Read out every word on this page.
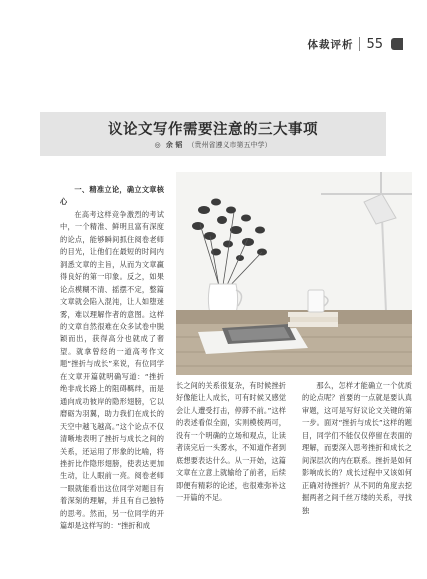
体裁评析 55
议论文写作需要注意的三大事项
◎ 余 韬 （贵州省遵义市第五中学）
一、精准立论，确立文章核心

在高考这样竞争激烈的考试中，一个精准、鲜明且富有深度的论点，能够瞬间抓住阅卷老师的目光，让他们在最短的时间内洞悉文章的主旨，从而为文章赢得良好的第一印象。反之，如果论点模糊不清、摇摆不定，整篇文章就会陷入混沌，让人如堕迷雾，难以理解作者的意图。这样的文章自然很难在众多试卷中脱颖而出，获得高分也就成了奢望。就拿曾经的一道高考作文题“挫折与成长”来说，有位同学在文章开篇就明确写道：“挫折绝非成长路上的阻碍羁绊，而是通向成功彼岸的隐形翅膀，它以磨砺为羽翼，助力我们在成长的天空中越飞越高。”这个论点不仅清晰地表明了挫折与成长之间的关系，还运用了形象的比喻，将挫折比作隐形翅膀，使表达更加生动，让人眼前一亮。阅卷老师一眼就能看出这位同学对题目有着深刻的理解，并且有自己独特的思考。然而，另一位同学的开篇却是这样写的：“挫折和成

长之间的关系很复杂，有时候挫折好像能让人成长，可有时候又感觉会让人遭受打击，停滞不前。”这样的表述看似全面，实则模棱两可，没有一个明确的立场和观点，让读者读完后一头雾水，不知道作者到底想要表达什么。从一开始，这篇文章在立意上就输给了前者，后续即便有精彩的论述，也很难弥补这一开篇的不足。

那么，怎样才能确立一个优质的论点呢？首要的一点就是要认真审题，这可是写好议论文关键的第一步。面对“挫折与成长”这样的题目，同学们不能仅仅停留在表面的理解，而要深入思考挫折和成长之间深层次的内在联系。挫折是如何影响成长的？成长过程中又该如何正确对待挫折？从不同的角度去挖掘两者之间千丝万缕的关系，寻找独
